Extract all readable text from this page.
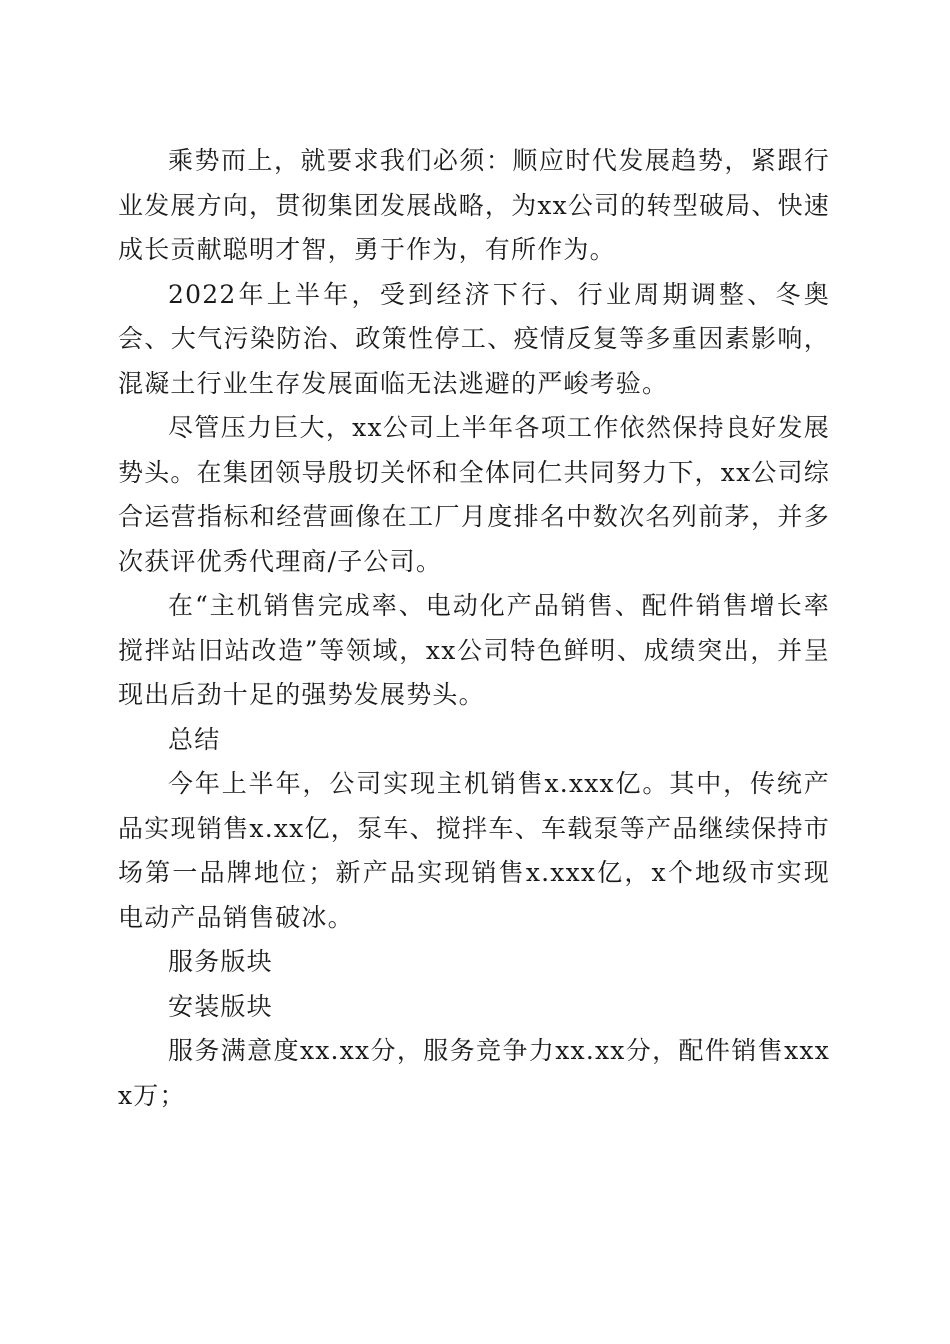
乘势而上，就要求我们必须：顺应时代发展趋势，紧跟行业发展方向，贯彻集团发展战略，为xx公司的转型破局、快速成长贡献聪明才智，勇于作为，有所作为。

2022年上半年，受到经济下行、行业周期调整、冬奥会、大气污染防治、政策性停工、疫情反复等多重因素影响，混凝土行业生存发展面临无法逃避的严峻考验。

尽管压力巨大，xx公司上半年各项工作依然保持良好发展势头。在集团领导殷切关怀和全体同仁共同努力下，xx公司综合运营指标和经营画像在工厂月度排名中数次名列前茅，并多次获评优秀代理商/子公司。

在“主机销售完成率、电动化产品销售、配件销售增长率搅拌站旧站改造”等领域，xx公司特色鲜明、成绩突出，并呈现出后劲十足的强势发展势头。

总结

今年上半年，公司实现主机销售x.xxx亿。其中，传统产品实现销售x.xx亿，泵车、搅拌车、车载泵等产品继续保持市场第一品牌地位；新产品实现销售x.xxx亿，x个地级市实现电动产品销售破冰。

服务版块

安装版块

服务满意度xx.xx分，服务竞争力xx.xx分，配件销售xxxx万；
